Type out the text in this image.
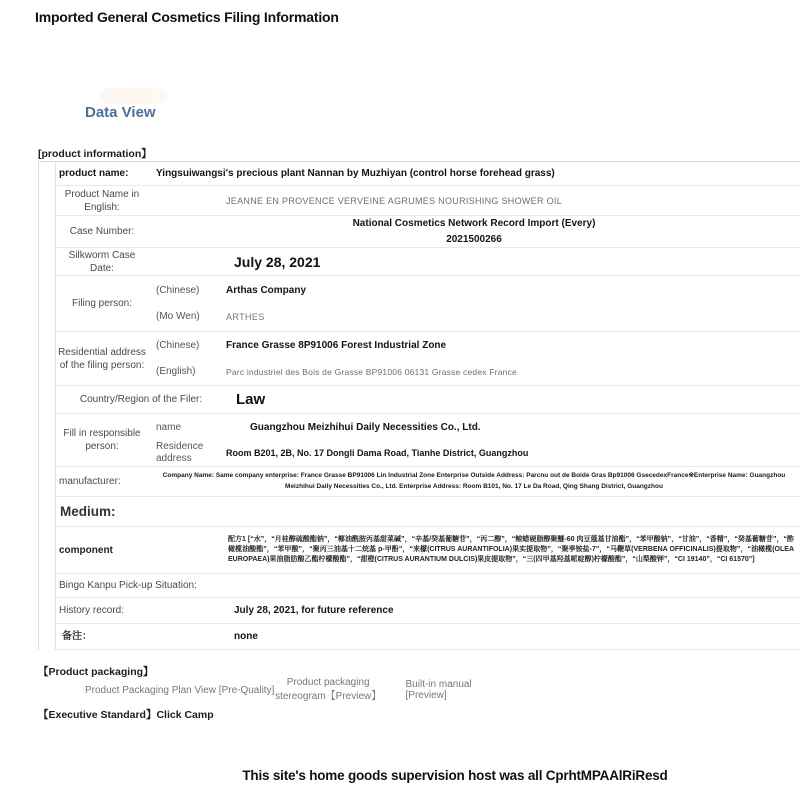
Imported General Cosmetics Filing Information
Data View
[product information】
product name:	Yingsuiwangsi's precious plant Nannan by Muzhiyan (control horse forehead grass)
Product Name in English:
JEANNE EN PROVENCE VERVEINE AGRUMES NOURISHING SHOWER OIL
Case Number:
National Cosmetics Network Record Import (Every)
2021500266
Silkworm Case Date:	July 28, 2021
Filing person:
(Chinese)	Arthas Company
(Mo Wen)	ARTHES
Residential address of the filing person:
(Chinese)	France Grasse 8P91006 Forest Industrial Zone
(English)	Parc industriel des Bois de Grasse BP91006 06131 Grasse cedex France
Country/Region of the Filer:	Law
Fill in responsible person:
name	Guangzhou Meizhihui Daily Necessities Co., Ltd.
Residence address	Room B201, 2B, No. 17 Dongli Dama Road, Tianhe District, Guangzhou
manufacturer:
Company Name: Same company enterprise: France Grasse BP91006 Lin Industrial Zone Enterprise Outside Address: Parcnu out de Boide Gras Bp91006 GsecedexFrance※Enterprise Name: Guangzhou Meizhihui Daily Necessities Co., Ltd. Enterprise Address: Room B101, No. 17 Le Da Road, Qing Shang District, Guangzhou
Medium:
component
配方1 [“水”，“月桂醇硫酸酯钠”，“椰油酰胺丙基甜菜碱”，“辛基/癸基葡糖苷”，“丙二醇”，“鲸蜡硬脂醇聚醚-60 肉豆蔻基甘油酯”，“苯甲酸钠”，“甘油”，“香精”，“癸基葡糖苷”，“酢橄榄油酸酯”，“苯甲酸”，“聚丙三油基十二烷基 p-甲酚”，“来檬(CITRUS AURANTIFOLIA)果实提取物”，“聚季铵盐-7”，“马鞭草(VERBENA OFFICINALIS)提取物”，“油橄榄(OLEA EUROPAEA)果油脂肪酸乙酯柠檬酸酯”，“甜橙(CITRUS AURANTIUM DULCIS)果皮提取物”，“三(四甲基羟基哌啶醇)柠檬酸酯”，“山梨酸钾”，“CI 19140”，“CI 61570”]
Bingo Kanpu Pick-up Situation:
History record:	July 28, 2021, for future reference
备注：	none
【Product packaging】
Product Packaging Plan View [Pre-Quality]
Product packaging stereogram【Preview】
Built-in manual [Preview]
【Executive Standard】Click Camp
This site's home goods supervision host was all CprhtMPAAlRiResd
